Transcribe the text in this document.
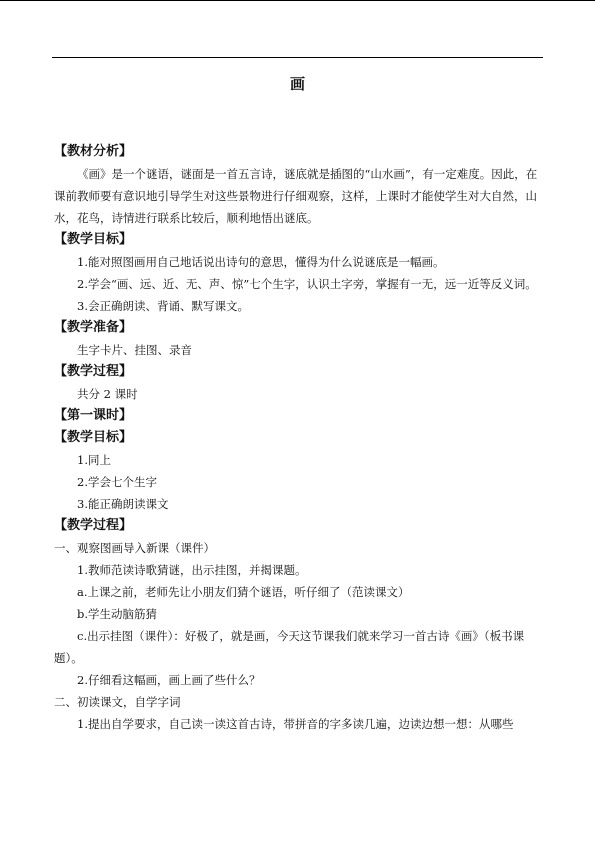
画

【教材分析】

《画》是一个谜语，谜面是一首五言诗，谜底就是插图的“山水画”，有一定难度。因此，在课前教师要有意识地引导学生对这些景物进行仔细观察，这样，上课时才能使学生对大自然，山水，花鸟，诗情进行联系比较后，顺利地悟出谜底。

【教学目标】

1.能对照图画用自己地话说出诗句的意思，懂得为什么说谜底是一幅画。

2.学会“画、远、近、无、声、惊”七个生字，认识土字旁，掌握有一无，远一近等反义词。

3.会正确朗读、背诵、默写课文。

【教学准备】

生字卡片、挂图、录音

【教学过程】

共分 2 课时

【第一课时】

【教学目标】

1.同上

2.学会七个生字

3.能正确朗读课文

【教学过程】

一、观察图画导入新课（课件）

1.教师范读诗歌猜谜，出示挂图，并揭课题。

a.上课之前，老师先让小朋友们猜个谜语，听仔细了（范读课文）

b.学生动脑筋猜

c.出示挂图（课件）：好极了，就是画，今天这节课我们就来学习一首古诗《画》（板书课题）。

2.仔细看这幅画，画上画了些什么？

二、初读课文，自学字词

1.提出自学要求，自己读一读这首古诗，带拼音的字多读几遍，边读边想一想：从哪些
